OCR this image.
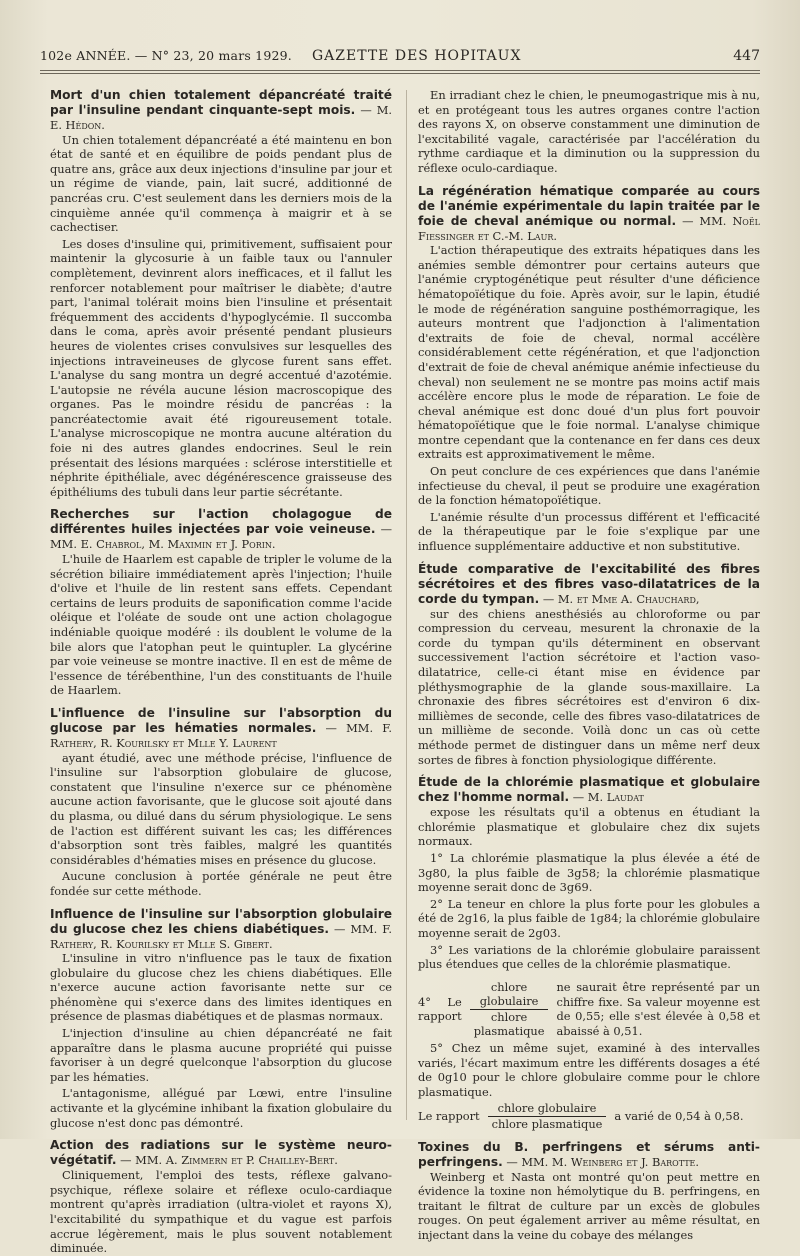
102e ANNÉE. — N° 23, 20 mars 1929. GAZETTE DES HOPITAUX	447
Mort d'un chien totalement dépancréaté traité par l'insuline pendant cinquante-sept mois. — M. E. Hédon.

Un chien totalement dépancréaté a été maintenu en bon état de santé et en équilibre de poids pendant plus de quatre ans, grâce aux deux injections d'insuline par jour et un régime de viande, pain, lait sucré, additionné de pancréas cru. C'est seulement dans les derniers mois de la cinquième année qu'il commença à maigrir et à se cachectiser.

Les doses d'insuline qui, primitivement, suffisaient pour maintenir la glycosurie à un faible taux ou l'annuler complètement, devinrent alors inefficaces, et il fallut les renforcer notablement pour maîtriser le diabète; d'autre part, l'animal tolérait moins bien l'insuline et présentait fréquemment des accidents d'hypoglycémie. Il succomba dans le coma, après avoir présenté pendant plusieurs heures de violentes crises convulsives sur lesquelles des injections intraveineuses de glycose furent sans effet. L'analyse du sang montra un degré accentué d'azotémie. L'autopsie ne révéla aucune lésion macroscopique des organes. Pas le moindre résidu de pancréas : la pancréatectomie avait été rigoureusement totale. L'analyse microscopique ne montra aucune altération du foie ni des autres glandes endocrines. Seul le rein présentait des lésions marquées : sclérose interstitielle et néphrite épithéliale, avec dégénérescence graisseuse des épithéliums des tubuli dans leur partie sécrétante.

Recherches sur l'action cholagogue de différentes huiles injectées par voie veineuse. — MM. E. Chabrol, M. Maximin et J. Porin.

L'huile de Haarlem est capable de tripler le volume de la sécrétion biliaire immédiatement après l'injection; l'huile d'olive et l'huile de lin restent sans effets. Cependant certains de leurs produits de saponification comme l'acide oléique et l'oléate de soude ont une action cholagogue indéniable quoique modéré : ils doublent le volume de la bile alors que l'atophan peut le quintupler. La glycérine par voie veineuse se montre inactive. Il en est de même de l'essence de térébenthine, l'un des constituants de l'huile de Haarlem.

L'influence de l'insuline sur l'absorption du glucose par les hématies normales. — MM. F. Rathery, R. Kourilsky et Mlle Y. Laurent

ayant étudié, avec une méthode précise, l'influence de l'insuline sur l'absorption globulaire de glucose, constatent que l'insuline n'exerce sur ce phénomène aucune action favorisante, que le glucose soit ajouté dans du plasma, ou dilué dans du sérum physiologique. Le sens de l'action est différent suivant les cas; les différences d'absorption sont très faibles, malgré les quantités considérables d'hématies mises en présence du glucose.

Aucune conclusion à portée générale ne peut être fondée sur cette méthode.

Influence de l'insuline sur l'absorption globulaire du glucose chez les chiens diabétiques. — MM. F. Rathery, R. Kourilsky et Mlle S. Gibert.

L'insuline in vitro n'influence pas le taux de fixation globulaire du glucose chez les chiens diabétiques. Elle n'exerce aucune action favorisante nette sur ce phénomène qui s'exerce dans des limites identiques en présence de plasmas diabétiques et de plasmas normaux.

L'injection d'insuline au chien dépancréaté ne fait apparaître dans le plasma aucune propriété qui puisse favoriser à un degré quelconque l'absorption du glucose par les hématies.

L'antagonisme, allégué par Lœwi, entre l'insuline activante et la glycémine inhibant la fixation globulaire du glucose n'est donc pas démontré.

Action des radiations sur le système neuro-végétatif. — MM. A. Zimmern et P. Chailley-Bert.

Cliniquement, l'emploi des tests, réflexe galvano-psychique, réflexe solaire et réflexe oculo-cardiaque montrent qu'après irradiation (ultra-violet et rayons X), l'excitabilité du sympathique et du vague est parfois accrue légèrement, mais le plus souvent notablement diminuée.

En irradiant chez le chien, le pneumogastrique mis à nu, et en protégeant tous les autres organes contre l'action des rayons X, on observe constamment une diminution de l'excitabilité vagale, caractérisée par l'accélération du rythme cardiaque et la diminution ou la suppression du réflexe oculo-cardiaque.

La régénération hématique comparée au cours de l'anémie expérimentale du lapin traitée par le foie de cheval anémique ou normal. — MM. Noël Fiessinger et C.-M. Laur.

L'action thérapeutique des extraits hépatiques dans les anémies semble démontrer pour certains auteurs que l'anémie cryptogénétique peut résulter d'une déficience hématopoïétique du foie. Après avoir, sur le lapin, étudié le mode de régénération sanguine posthémorragique, les auteurs montrent que l'adjonction à l'alimentation d'extraits de foie de cheval, normal accélère considérablement cette régénération, et que l'adjonction d'extrait de foie de cheval anémique anémie infectieuse du cheval) non seulement ne se montre pas moins actif mais accélère encore plus le mode de réparation. Le foie de cheval anémique est donc doué d'un plus fort pouvoir hématopoïétique que le foie normal. L'analyse chimique montre cependant que la contenance en fer dans ces deux extraits est approximativement le même.

On peut conclure de ces expériences que dans l'anémie infectieuse du cheval, il peut se produire une exagération de la fonction hématopoïétique.

L'anémie résulte d'un processus différent et l'efficacité de la thérapeutique par le foie s'explique par une influence supplémentaire adductive et non substitutive.

Étude comparative de l'excitabilité des fibres sécrétoires et des fibres vaso-dilatatrices de la corde du tympan. — M. et Mme A. Chauchard,

sur des chiens anesthésiés au chloroforme ou par compression du cerveau, mesurent la chronaxie de la corde du tympan qu'ils déterminent en observant successivement l'action sécrétoire et l'action vaso-dilatatrice, celle-ci étant mise en évidence par pléthysmographie de la glande sous-maxillaire. La chronaxie des fibres sécrétoires est d'environ 6 dix-millièmes de seconde, celle des fibres vaso-dilatatrices de un millième de seconde. Voilà donc un cas où cette méthode permet de distinguer dans un même nerf deux sortes de fibres à fonction physiologique différente.

Étude de la chlorémie plasmatique et globulaire chez l'homme normal. — M. Laudat

expose les résultats qu'il a obtenus en étudiant la chlorémie plasmatique et globulaire chez dix sujets normaux.

1° La chlorémie plasmatique la plus élevée a été de 3g80, la plus faible de 3g58; la chlorémie plasmatique moyenne serait donc de 3g69.

2° La teneur en chlore la plus forte pour les globules a été de 2g16, la plus faible de 1g84; la chlorémie globulaire moyenne serait de 2g03.

3° Les variations de la chlorémie globulaire paraissent plus étendues que celles de la chlorémie plasmatique.

4° Le rapport $\frac{\text{chlore globulaire}}{\text{chlore plasmatique}}$ ne saurait être représenté par un chiffre fixe. Sa valeur moyenne est de 0,55; elle s'est élevée à 0,58 et abaissé à 0,51.

5° Chez un même sujet, examiné à des intervalles variés, l'écart maximum entre les différents dosages a été de 0g10 pour le chlore globulaire comme pour le chlore plasmatique.

Le rapport $\frac{\text{chlore globulaire}}{\text{chlore plasmatique}}$ a varié de 0,54 à 0,58.
Toxines du B. perfringens et sérums anti-perfringens. — MM. M. Weinberg et J. Barotte.

Weinberg et Nasta ont montré qu'on peut mettre en évidence la toxine non hémolytique du B. perfringens, en traitant le filtrat de culture par un excès de globules rouges. On peut également arriver au même résultat, en injectant dans la veine du cobaye des mélanges
